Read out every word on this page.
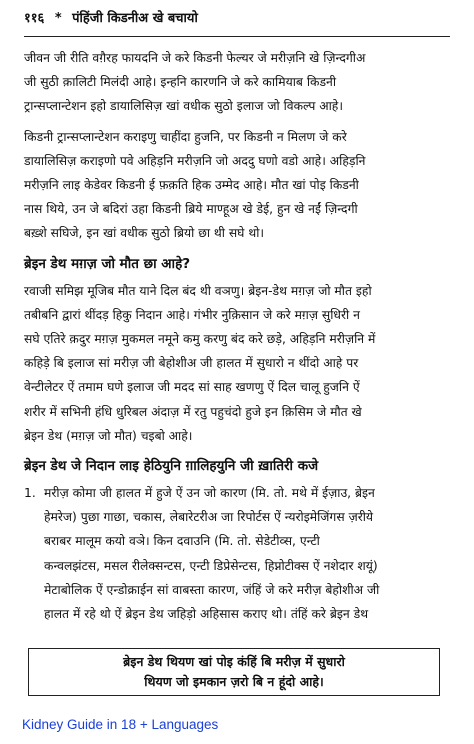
११६ * पंहिंजी किडनीअ खे बचायो

जीवन जी रीति वग़ैरह फायदनि जे करे किडनी फेल्यर जे मरीज़नि खे ज़िन्दगीअ
जी सुठी क़ालिटी मिलंदी आहे। इन्हनि कारणनि जे करे कामियाब किडनी
ट्रान्सप्लान्टेशन इहो डायालिसिज़ खां वधीक सुठो इलाज जो विकल्प आहे।

किडनी ट्रान्सप्लान्टेशन कराइणु चाहींदा हुजनि, पर किडनी न मिलण जे करे
डायालिसिज़ कराइणो पवे अहिड़नि मरीज़नि जो अददु घणो वडो आहे। अहिड़नि
मरीज़नि लाइ केडेवर किडनी ई फ़क़ति हिक उम्मेद आहे। मौत खां पोइ किडनी
नास थिये, उन जे बदिरां उहा किडनी ब्रिये माण्हूअ खे डेई, हुन खे नईं ज़िन्दगी
बख़्शे सघिजे, इन खां वधीक सुठो ब्रियो छा थी सघे थो।

ब्रेइन डेथ मग़ज़ जो मौत छा आहे?

रवाजी समिझ मूजिब मौत याने दिल बंद थी वञणु। ब्रेइन-डेथ मग़ज़ जो मौत इहो
तबीबनि द्वारां थींदड़ हिकु निदान आहे। गंभीर नुक़िसान जे करे मग़ज़ सुधिरी न
सघे एतिरे क़दुर मग़ज़ मुकमल नमूने कमु करणु बंद करे छड़े, अहिड़नि मरीज़नि में
कहिड़े बि इलाज सां मरीज़ जी बेहोशीअ जी हालत में सुधारो न थींदो आहे पर
वेन्टीलेटर ऐं तमाम घणे इलाज जी मदद सां साह खणणु ऐं दिल चालू हुजनि ऐं
शरीर में सभिनी हंधि धुरिबल अंदाज़ में रतु पहुचंदो हुजे इन क़िसिम जे मौत खे
ब्रेइन डेथ (मग़ज़ जो मौत) चइबो आहे।

ब्रेइन डेथ जे निदान लाइ हेठियुनि ग़ालिहयुनि जी ख़ातिरी कजे
1. मरीज़ कोमा जी हालत में हुजे ऐं उन जो कारण (मि. तो. मथे में ईज़ाउ, ब्रेइन
हेमरेज) पुछा गाछा, चकास, लेबारेटरीअ जा रिपोर्टस ऐं न्यरोइमेजिंगस ज़रीये
बराबर मालूम कयो वञे। किन दवाउनि (मि. तो. सेडेटीव्स, एन्टी
कन्वलझंटस, मसल रीलेक्सन्टस, एन्टी डिप्रेसेन्टस, हिप्नोटीक्स ऐं नशेदार शयूं)
मेटाबोलिक ऐं एन्डोक्राईन सां वाबस्ता कारण, जंहिं जे करे मरीज़ बेहोशीअ जी
हालत में रहे थो ऐं ब्रेइन डेथ जहिड़ो अहिसास कराए थो। तंहिं करे ब्रेइन डेथ

ब्रेइन डेथ थियण खां पोइ कंहिं बि मरीज़ में सुधारो
थियण जो इमकान ज़रो बि न हूंदो आहे।
Kidney Guide in 18 + Languages
